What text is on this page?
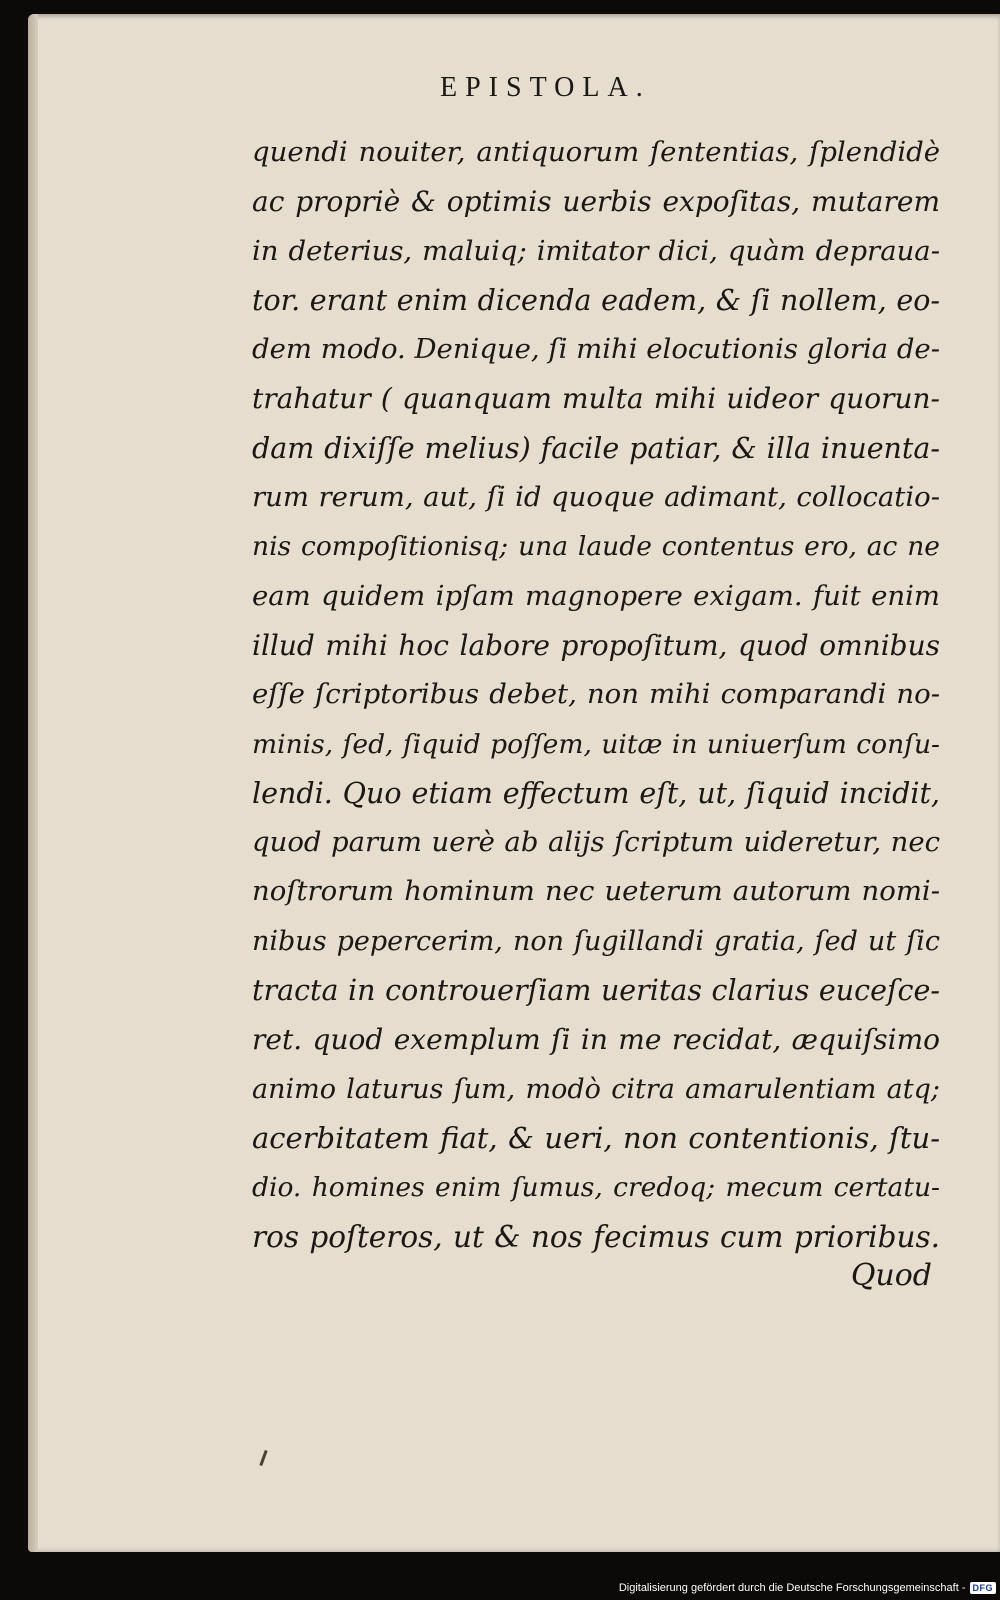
EPISTOLA.
quendi nouiter, antiquorum ſententias, ſplendidè
ac propriè & optimis uerbis expoſitas, mutarem
in deterius, maluiq; imitator dici, quàm deprauа-
tor. erant enim dicenda eadem, & ſi nollem, eo-
dem modo. Denique, ſi mihi elocutionis gloria de-
trahatur ( quanquam multa mihi uideor quorun-
dam dixiſſe melius) facile patiar, & illa inuenta-
rum rerum, aut, ſi id quoque adimant, collocatio-
nis compoſitionisq; una laude contentus ero, ac ne
eam quidem ipſam magnopere exigam. fuit enim
illud mihi hoc labore propoſitum, quod omnibus
eſſe ſcriptoribus debet, non mihi comparandi no-
minis, ſed, ſiquid poſſem, uitæ in uniuerſum conſu-
lendi. Quo etiam effectum eſt, ut, ſiquid incidit,
quod parum uerè ab alijs ſcriptum uideretur, nec
noſtrorum hominum nec ueterum autorum nomi-
nibus pepercerim, non ſugillandi gratia, ſed ut ſic
tracta in controuerſiam ueritas clarius euceſce-
ret. quod exemplum ſi in me recidat, æquiſsimo
animo laturus ſum, modò citra amarulentiam atq;
acerbitatem fiat, & ueri, non contentionis, ſtu-
dio. homines enim ſumus, credoq; mecum certatu-
ros poſteros, ut & nos fecimus cum prioribus.
Quod
Digitalisierung gefördert durch die Deutsche Forschungsgemeinschaft - DFG
